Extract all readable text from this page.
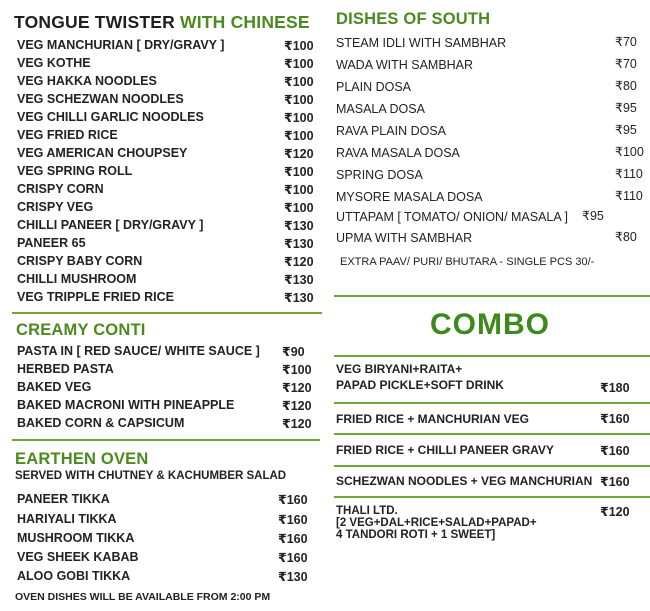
TONGUE TWISTER WITH CHINESE
VEG MANCHURIAN [ DRY/GRAVY ]	₹100
VEG KOTHE	₹100
VEG HAKKA NOODLES	₹100
VEG SCHEZWAN NOODLES	₹100
VEG CHILLI GARLIC NOODLES	₹100
VEG FRIED RICE	₹100
VEG AMERICAN CHOUPSEY	₹120
VEG SPRING ROLL	₹100
CRISPY CORN	₹100
CRISPY VEG	₹100
CHILLI PANEER [ DRY/GRAVY ]	₹130
PANEER 65	₹130
CRISPY BABY CORN	₹120
CHILLI MUSHROOM	₹130
VEG TRIPPLE FRIED RICE	₹130
CREAMY CONTI
PASTA IN [ RED SAUCE/ WHITE SAUCE ] ₹90
HERBED PASTA	₹100
BAKED VEG	₹120
BAKED MACRONI WITH PINEAPPLE	₹120
BAKED CORN & CAPSICUM	₹120
EARTHEN OVEN
SERVED WITH CHUTNEY & KACHUMBER SALAD
PANEER TIKKA	₹160
HARIYALI TIKKA	₹160
MUSHROOM TIKKA	₹160
VEG SHEEK KABAB	₹160
ALOO GOBI TIKKA	₹130
OVEN DISHES WILL BE AVAILABLE FROM 2:00 PM
DISHES OF SOUTH
STEAM IDLI WITH SAMBHAR	₹70
WADA WITH SAMBHAR	₹70
PLAIN DOSA	₹80
MASALA DOSA	₹95
RAVA PLAIN DOSA	₹95
RAVA MASALA DOSA	₹100
SPRING DOSA	₹110
MYSORE MASALA DOSA	₹110
UTTAPAM [ TOMATO/ ONION/ MASALA ] ₹95
UPMA WITH SAMBHAR	₹80
EXTRA PAAV/ PURI/ BHUTARA - SINGLE PCS 30/-
COMBO
VEG BIRYANI+RAITA+
PAPAD PICKLE+SOFT DRINK	₹180
FRIED RICE + MANCHURIAN VEG	₹160
FRIED RICE + CHILLI PANEER GRAVY	₹160
SCHEZWAN NOODLES + VEG MANCHURIAN ₹160
THALI LTD.
[2 VEG+DAL+RICE+SALAD+PAPAD+
4 TANDORI ROTI + 1 SWEET]
₹120
